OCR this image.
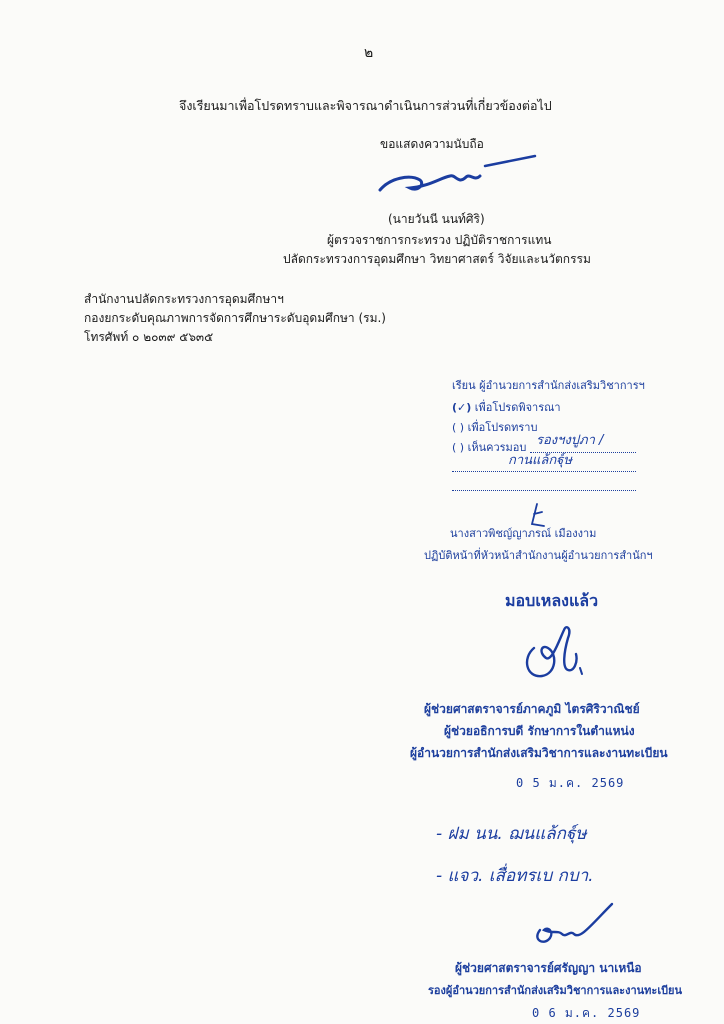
๒
จึงเรียนมาเพื่อโปรดทราบและพิจารณาดำเนินการส่วนที่เกี่ยวข้องต่อไป
ขอแสดงความนับถือ
(นายวันนี นนท์ศิริ)
ผู้ตรวจราชการกระทรวง ปฏิบัติราชการแทน
ปลัดกระทรวงการอุดมศึกษา วิทยาศาสตร์ วิจัยและนวัตกรรม
สำนักงานปลัดกระทรวงการอุดมศึกษาฯ
กองยกระดับคุณภาพการจัดการศึกษาระดับอุดมศึกษา (รม.)
โทรศัพท์ ๐ ๒๐๓๙ ๕๖๓๕
เรียน ผู้อำนวยการสำนักส่งเสริมวิชาการฯ
(✓) เพื่อโปรดพิจารณา
( ) เพื่อโปรดทราบ
( ) เห็นควรมอบ รองฯงปูภา /
กานแล้กฐุ์ษ
นางสาวพิชญ์ญาภรณ์ เมืองงาม
ปฏิบัติหน้าที่หัวหน้าสำนักงานผู้อำนวยการสำนักฯ
มอบเหลงแล้ว
ผู้ช่วยศาสตราจารย์ภาคภูมิ ไตรศิริวาณิชย์
ผู้ช่วยอธิการบดี รักษาการในตำแหน่ง
ผู้อำนวยการสำนักส่งเสริมวิชาการและงานทะเบียน
0 5 ม.ค. 2569
- ฝม นน. ฌนแล้กฐุ์ษ
- แจว. เสื่อทรเบ กบา.
ผู้ช่วยศาสตราจารย์ศรัญญา นาเหนือ
รองผู้อำนวยการสำนักส่งเสริมวิชาการและงานทะเบียน
0 6 ม.ค. 2569
